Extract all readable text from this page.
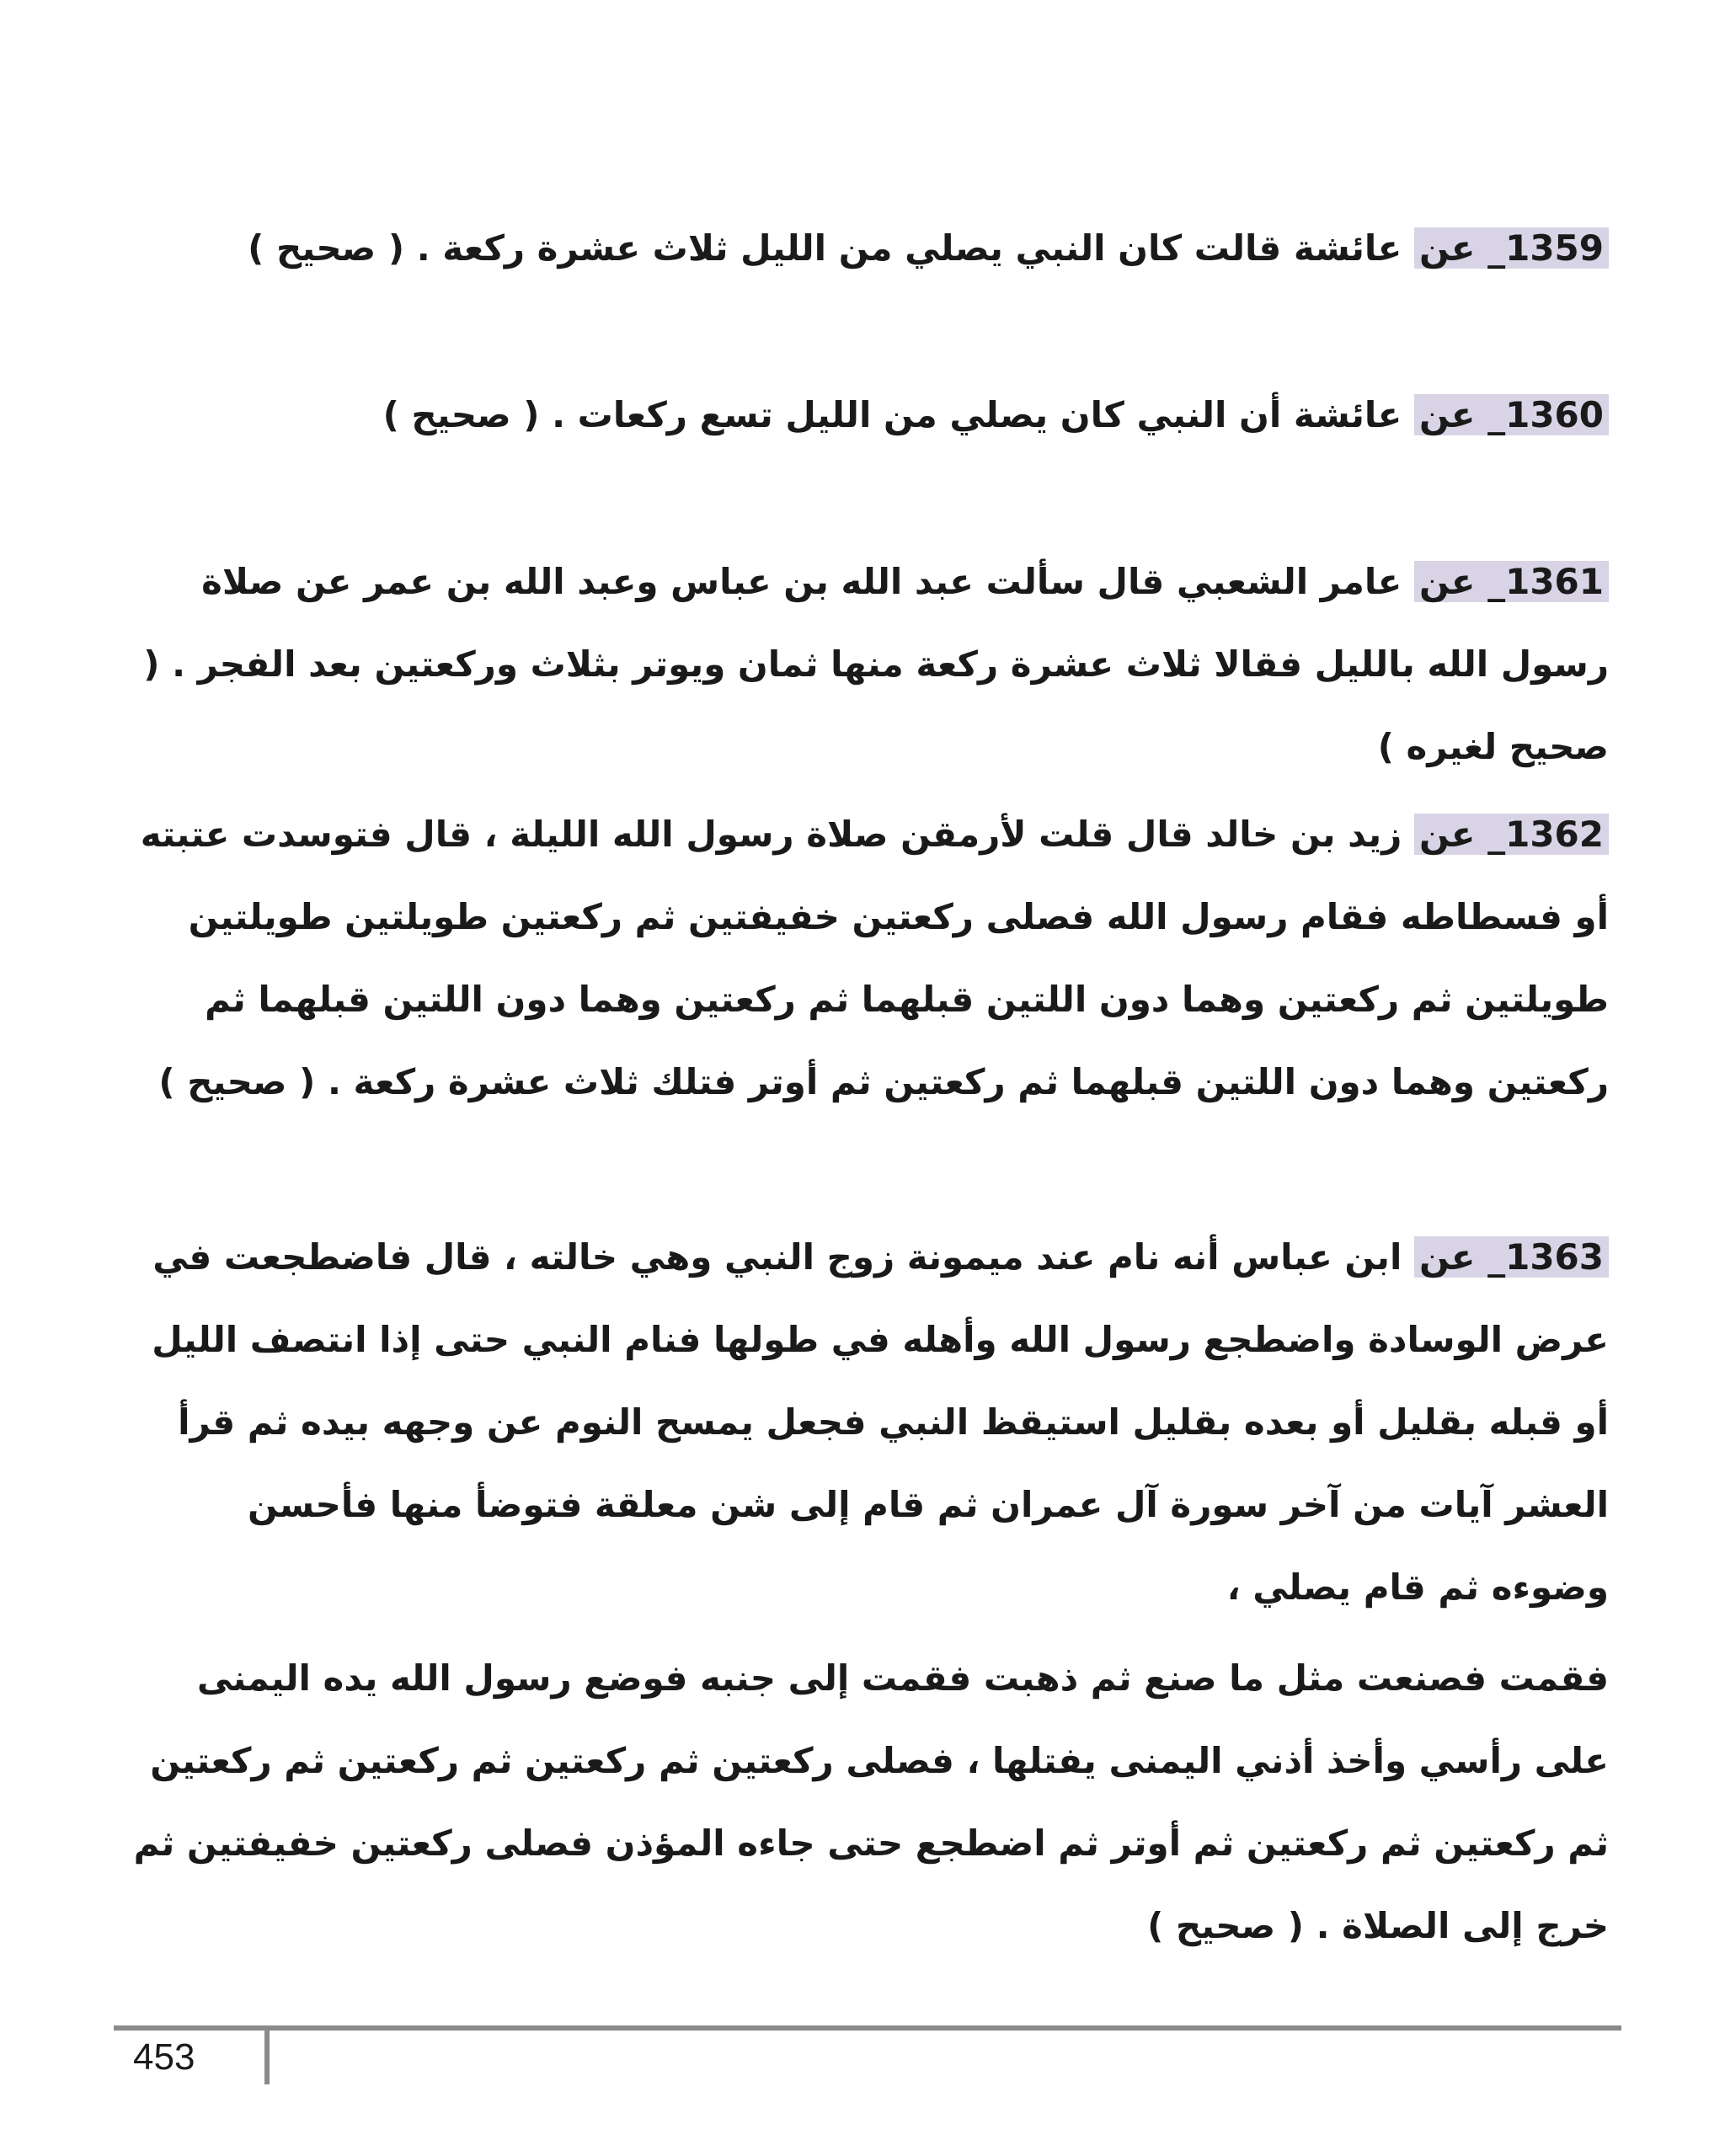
1359_ عن عائشة قالت كان النبي يصلي من الليل ثلاث عشرة ركعة . ( صحيح )

1360_ عن عائشة أن النبي كان يصلي من الليل تسع ركعات . ( صحيح )

1361_ عن عامر الشعبي قال سألت عبد الله بن عباس وعبد الله بن عمر عن صلاة رسول الله بالليل فقالا ثلاث عشرة ركعة منها ثمان ويوتر بثلاث وركعتين بعد الفجر . ( صحيح لغيره )

1362_ عن زيد بن خالد قال قلت لأرمقن صلاة رسول الله الليلة ، قال فتوسدت عتبته أو فسطاطه فقام رسول الله فصلى ركعتين خفيفتين ثم ركعتين طويلتين طويلتين طويلتين ثم ركعتين وهما دون اللتين قبلهما ثم ركعتين وهما دون اللتين قبلهما ثم ركعتين وهما دون اللتين قبلهما ثم ركعتين ثم أوتر فتلك ثلاث عشرة ركعة . ( صحيح )

1363_ عن ابن عباس أنه نام عند ميمونة زوج النبي وهي خالته ، قال فاضطجعت في عرض الوسادة واضطجع رسول الله وأهله في طولها فنام النبي حتى إذا انتصف الليل أو قبله بقليل أو بعده بقليل استيقظ النبي فجعل يمسح النوم عن وجهه بيده ثم قرأ العشر آيات من آخر سورة آل عمران ثم قام إلى شن معلقة فتوضأ منها فأحسن وضوءه ثم قام يصلي ،

فقمت فصنعت مثل ما صنع ثم ذهبت فقمت إلى جنبه فوضع رسول الله يده اليمنى على رأسي وأخذ أذني اليمنى يفتلها ، فصلى ركعتين ثم ركعتين ثم ركعتين ثم ركعتين ثم ركعتين ثم ركعتين ثم أوتر ثم اضطجع حتى جاءه المؤذن فصلى ركعتين خفيفتين ثم خرج إلى الصلاة . ( صحيح )

453
